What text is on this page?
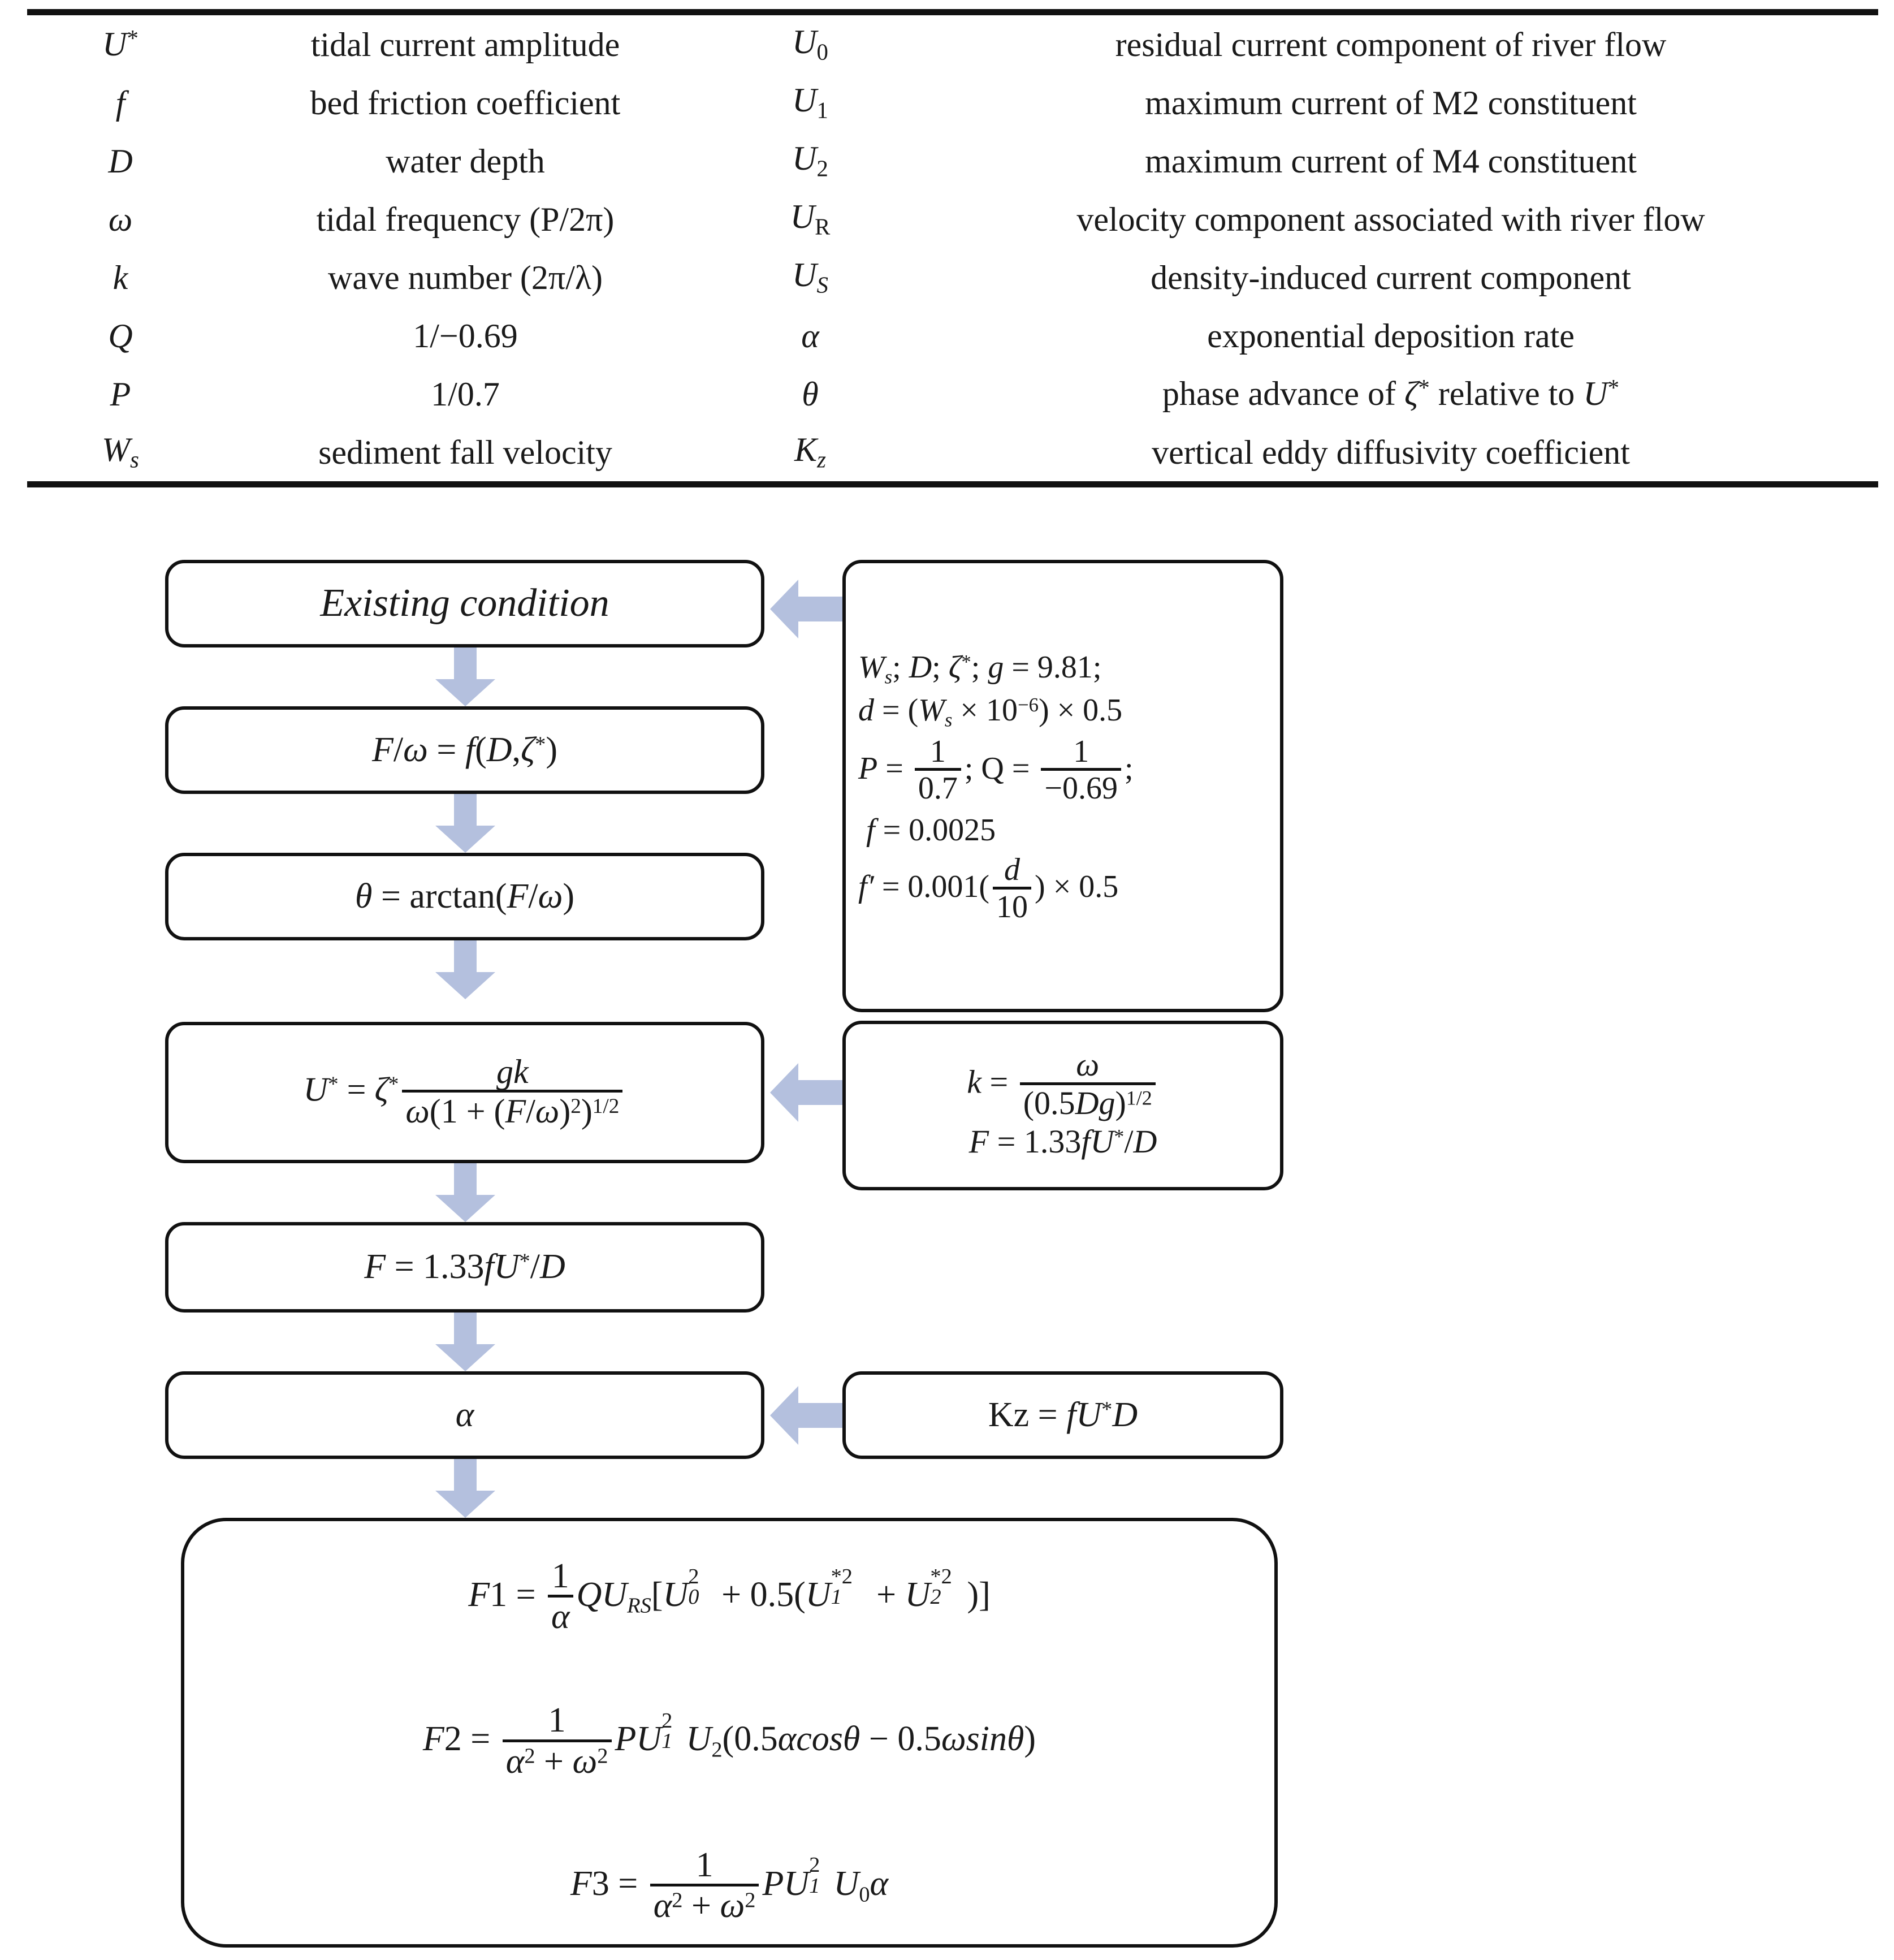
U*	tidal current amplitude	U0	residual current component of river flow
f	bed friction coefficient	U1	maximum current of M2 constituent
D	water depth	U2	maximum current of M4 constituent
ω	tidal frequency (P/2π)	UR	velocity component associated with river flow
k	wave number (2π/λ)	$U_S$	density-induced current component
Q	1/−0.69	α	exponential deposition rate
P	1/0.7	θ	phase advance of ζ* relative to U*
$W_s$	sediment fall velocity	$K_z$	vertical eddy diffusivity coefficient
Existing condition
F/ω = f(D,ζ*)
θ = arctan(F/ω)
$U^* = \zeta^* \frac{gk}{\omega(1 + (F/\omega)^2)^{1/2}}$
F = 1.33fU*/D
α
$W_s$; D; ζ*; g = 9.81;
$d = (W_s \times 10^{-6}) \times 0.5$
$P = \frac{1}{0.7}$ ; $Q = \frac{1}{-0.69}$ ;
f = 0.0025
$f' = 0.001( \frac{d}{10}$ ) × 0.5
$k = \frac{\omega}{(0.5Dg)^{1/2}}$
F = 1.33fU*/D
Kz = fU*D
$F1 = \frac{1}{\alpha} QU_{RS}[U$ 2
0 + 0.5(U *2
1 + U *2
2 )]
$F2 = \frac{1}{\alpha^2 + \omega^2}$ PU 2
1 U2(0.5αcosθ − 0.5ωsinθ)
$F3 = \frac{1}{\alpha^2 + \omega^2}$ PU 2
1 U0α
